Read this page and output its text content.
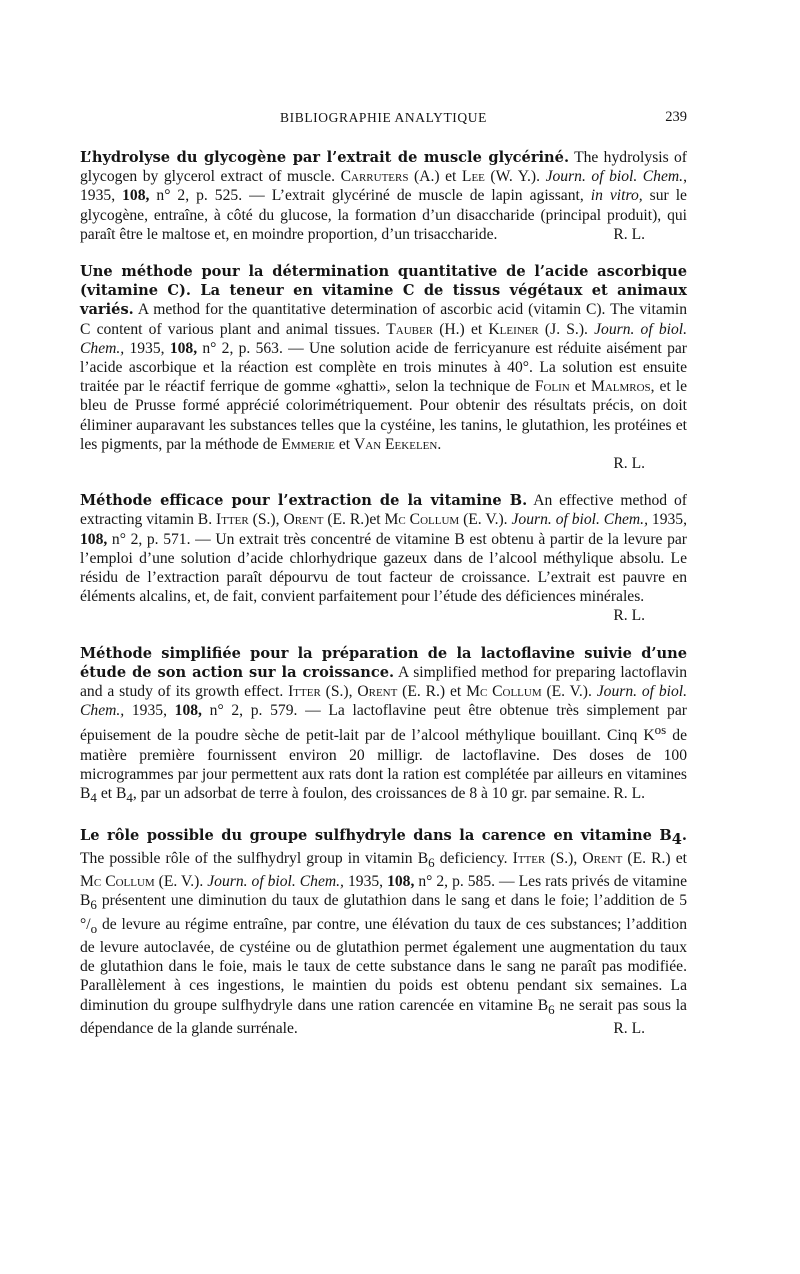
BIBLIOGRAPHIE ANALYTIQUE	239

L’hydrolyse du glycogène par l’extrait de muscle glycériné. The hydrolysis of glycogen by glycerol extract of muscle. Carruters (A.) et Lee (W. Y.). Journ. of biol. Chem., 1935, 108, n° 2, p. 525. — L’extrait glycériné de muscle de lapin agissant, in vitro, sur le glycogène, entraîne, à côté du glucose, la formation d’un disaccharide (principal produit), qui paraît être le maltose et, en moindre proportion, d’un trisaccharide.	R. L.

Une méthode pour la détermination quantitative de l’acide ascorbique (vitamine C). La teneur en vitamine C de tissus végétaux et animaux variés. A method for the quantitative determination of ascorbic acid (vitamin C). The vitamin C content of various plant and animal tissues. Tauber (H.) et Kleiner (J. S.). Journ. of biol. Chem., 1935, 108, n° 2, p. 563. — Une solution acide de ferricyanure est réduite aisément par l’acide ascorbique et la réaction est complète en trois minutes à 40°. La solution est ensuite traitée par le réactif ferrique de gomme «ghatti», selon la technique de Folin et Malmros, et le bleu de Prusse formé apprécié colorimétriquement. Pour obtenir des résultats précis, on doit éliminer auparavant les substances telles que la cystéine, les tanins, le glutathion, les protéines et les pigments, par la méthode de Emmerie et Van Eekelen.
R. L.

Méthode efficace pour l’extraction de la vitamine B. An effective method of extracting vitamin B. Itter (S.), Orent (E. R.)et Mc Collum (E. V.). Journ. of biol. Chem., 1935, 108, n° 2, p. 571. — Un extrait très concentré de vitamine B est obtenu à partir de la levure par l’emploi d’une solution d’acide chlorhydrique gazeux dans de l’alcool méthylique absolu. Le résidu de l’extraction paraît dépourvu de tout facteur de croissance. L’extrait est pauvre en éléments alcalins, et, de fait, convient parfaitement pour l’étude des déficiences minérales.
R. L.

Méthode simplifiée pour la préparation de la lactoflavine suivie d’une étude de son action sur la croissance. A simplified method for preparing lactoflavin and a study of its growth effect. Itter (S.), Orent (E. R.) et Mc Collum (E. V.). Journ. of biol. Chem., 1935, 108, n° 2, p. 579. — La lactoflavine peut être obtenue très simplement par épuisement de la poudre sèche de petit-lait par de l’alcool méthylique bouillant. Cinq $K^{os}$ de matière première fournissent environ 20 milligr. de lactoflavine. Des doses de 100 microgrammes par jour permettent aux rats dont la ration est complétée par ailleurs en vitamines $B_4$ et $B_4$, par un adsorbat de terre à foulon, des croissances de 8 à 10 gr. par semaine. R. L.

Le rôle possible du groupe sulfhydryle dans la carence en vitamine $B_4$. The possible rôle of the sulfhydryl group in vitamin $B_6$ deficiency. Itter (S.), Orent (E. R.) et Mc Collum (E. V.). Journ. of biol. Chem., 1935, 108, n° 2, p. 585. — Les rats privés de vitamine $B_6$ présentent une diminution du taux de glutathion dans le sang et dans le foie; l’addition de 5 $^\circ/_o$ de levure au régime entraîne, par contre, une élévation du taux de ces substances; l’addition de levure autoclavée, de cystéine ou de glutathion permet également une augmentation du taux de glutathion dans le foie, mais le taux de cette substance dans le sang ne paraît pas modifiée. Parallèlement à ces ingestions, le maintien du poids est obtenu pendant six semaines. La diminution du groupe sulfhydryle dans une ration carencée en vitamine $B_6$ ne serait pas sous la dépendance de la glande surrénale.	R. L.
